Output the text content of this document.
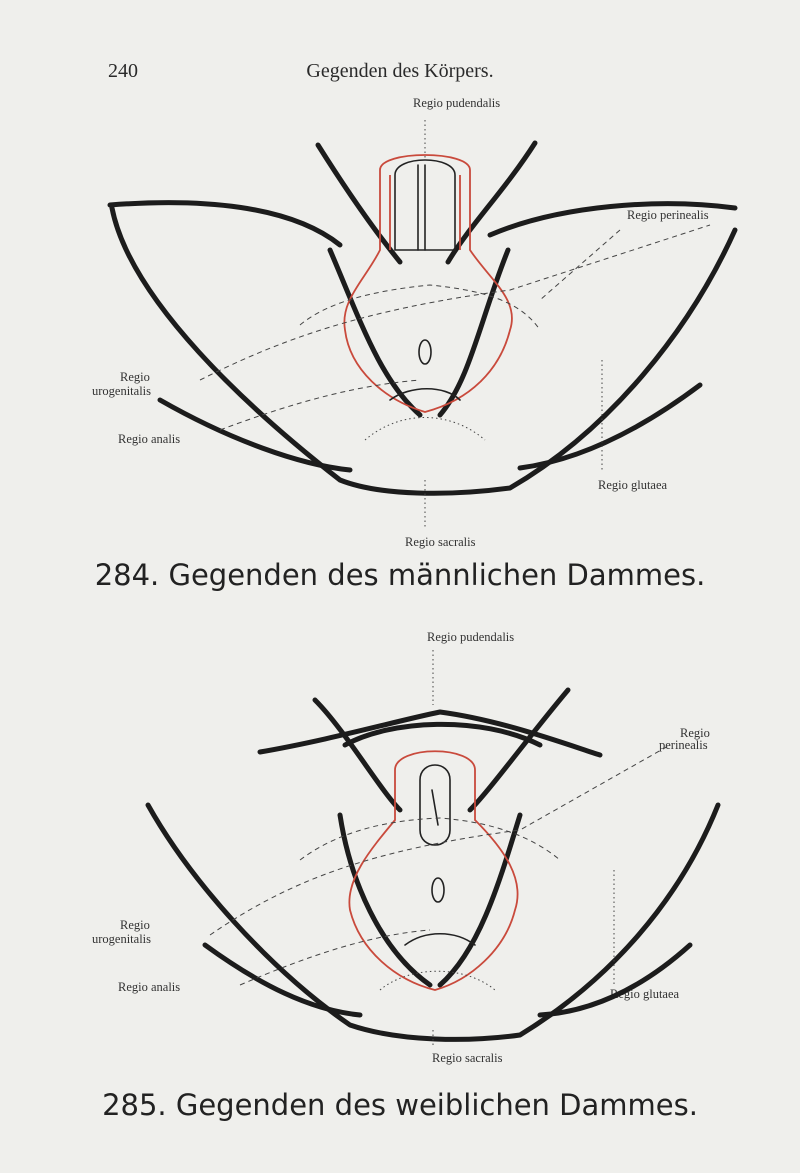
240	Gegenden des Körpers.
Regio pudendalis
Regio perinealis
Regio
urogenitalis
Regio analis
Regio glutaea
Regio sacralis
284. Gegenden des männlichen Dammes.
Regio pudendalis
Regio
perinealis
Regio
urogenitalis
Regio analis	Regio glutaea
Regio sacralis
285. Gegenden des weiblichen Dammes.
